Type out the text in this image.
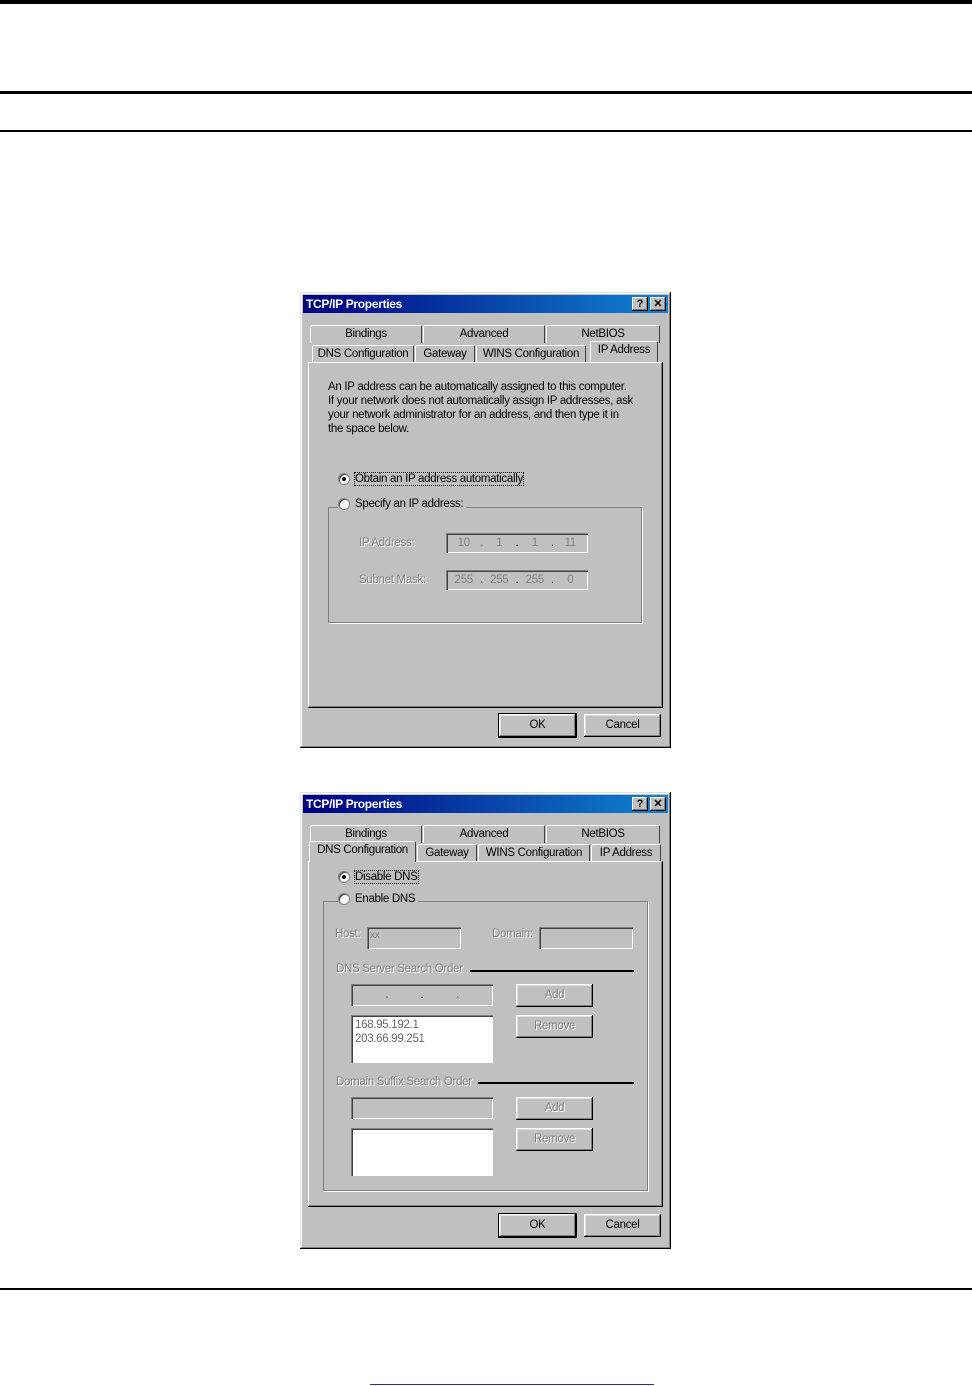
TCP/IP Properties	? ✕
Bindings	Advanced	NetBIOS
DNS Configuration	Gateway	WINS Configuration	IP Address
An IP address can be automatically assigned to this computer.
If your network does not automatically assign IP addresses, ask
your network administrator for an address, and then type it in
the space below.
Obtain an IP address automatically
Specify an IP address:
IP Address:	10 .	1	.	1	. 11
Subnet Mask:	255 . 255 . 255 .	0
OK	Cancel
TCP/IP Properties	? ✕
Bindings	Advanced	NetBIOS
DNS Configuration	Gateway	WINS Configuration	IP Address
Disable DNS
Enable DNS
Host: xx	Domain:
DNS Server Search Order
.	.	.	Add
168.95.192.1
203.66.99.251
Remove
Domain Suffix Search Order
Add
Remove
OK	Cancel
